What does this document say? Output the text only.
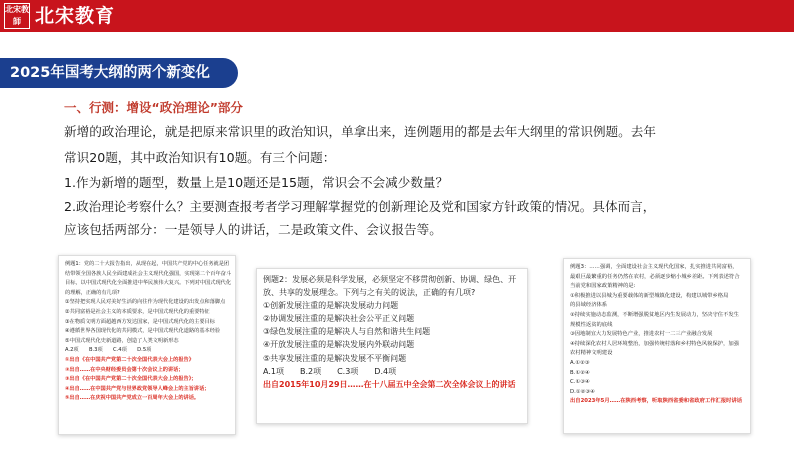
北 宋 教
師 北宋教育
2025年国考大纲的两个新变化
一、行测：增设“政治理论”部分
新增的政治理论，就是把原来常识里的政治知识，单拿出来，连例题用的都是去年大纲里的常识例题。去年
常识20题，其中政治知识有10题。有三个问题：
1.作为新增的题型，数量上是10题还是15题，常识会不会减少数量？
2.政治理论考察什么？主要测查报考者学习理解掌握党的创新理论及党和国家方针政策的情况。具体而言，
应该包括两部分：一是领导人的讲话，二是政策文件、会议报告等。

例题1：党的二十大报告指出，从现在起，中国共产党的中心任务就是团

结带领全国各族人民全面建成社会主义现代化强国，实现第二个百年奋斗

目标，以中国式现代化全面推进中华民族伟大复兴。下列对中国式现代化

的理解，正确的有几项?

①坚持把实现人民对美好生活的向往作为现代化建设的出发点和落脚点

②共同富裕是社会主义的本质要求，是中国式现代化的重要特征

③在物质文明方面超越西方发达国家，是中国式现代化的主要目标

④遵循世界各国现代化的共同模式，是中国式现代化道路的基本经验

⑤中国式现代化史新道路，创造了人类文明新形态

A.2项　　B.3项　　C.4项　　D.5项

①出自《在中国共产党第二十次全国代表大会上的报告》

②出自……在中央财经委员会第十次会议上的讲话；

③出自《在中国共产党第二十次全国代表大会上的报告》；

④出自……在中国共产党与世界政党领导人峰会上的主旨讲话；

⑤出自……在庆祝中国共产党成立一百周年大会上的讲话。

例题2：发展必须是科学发展，必须坚定不移贯彻创新、协调、绿色、开

放、共享的发展理念。下列与之有关的说法，正确的有几项?

①创新发展注重的是解决发展动力问题

②协调发展注重的是解决社会公平正义问题

③绿色发展注重的是解决人与自然和谐共生问题

④开放发展注重的是解决发展内外联动问题

⑤共享发展注重的是解决发展不平衡问题

A.1项　　B.2项　　C.3项　　D.4项

出自2015年10月29日……在十八届五中全会第二次全体会议上的讲话

例题3：……强调，全面建设社会主义现代化国家，扎实推进共同富裕，

最艰巨最繁重的任务仍然在农村，必须逐步缩小城乡差距。下列表述符合

当前党和国家政策精神的是:

①积极推进以县城为重要载体的新型城镇化建设，构建以城带乡格局

的县域经济体系

②持续实施动态监测，不断增强脱贫地区内生发展动力，坚决守住不发生

规模性返贫的底线

③因地制宜大力发展特色产业，推进农村一二三产业融合发展

④持续深化农村人居环境整治，加强传统村落和乡村特色风貌保护，加强

农村精神文明建设

A.①②③

B.①②④

C.①③④

D.①②③④

出自2023年5月……在陕西考察，听取陕西省委和省政府工作汇报时讲话
